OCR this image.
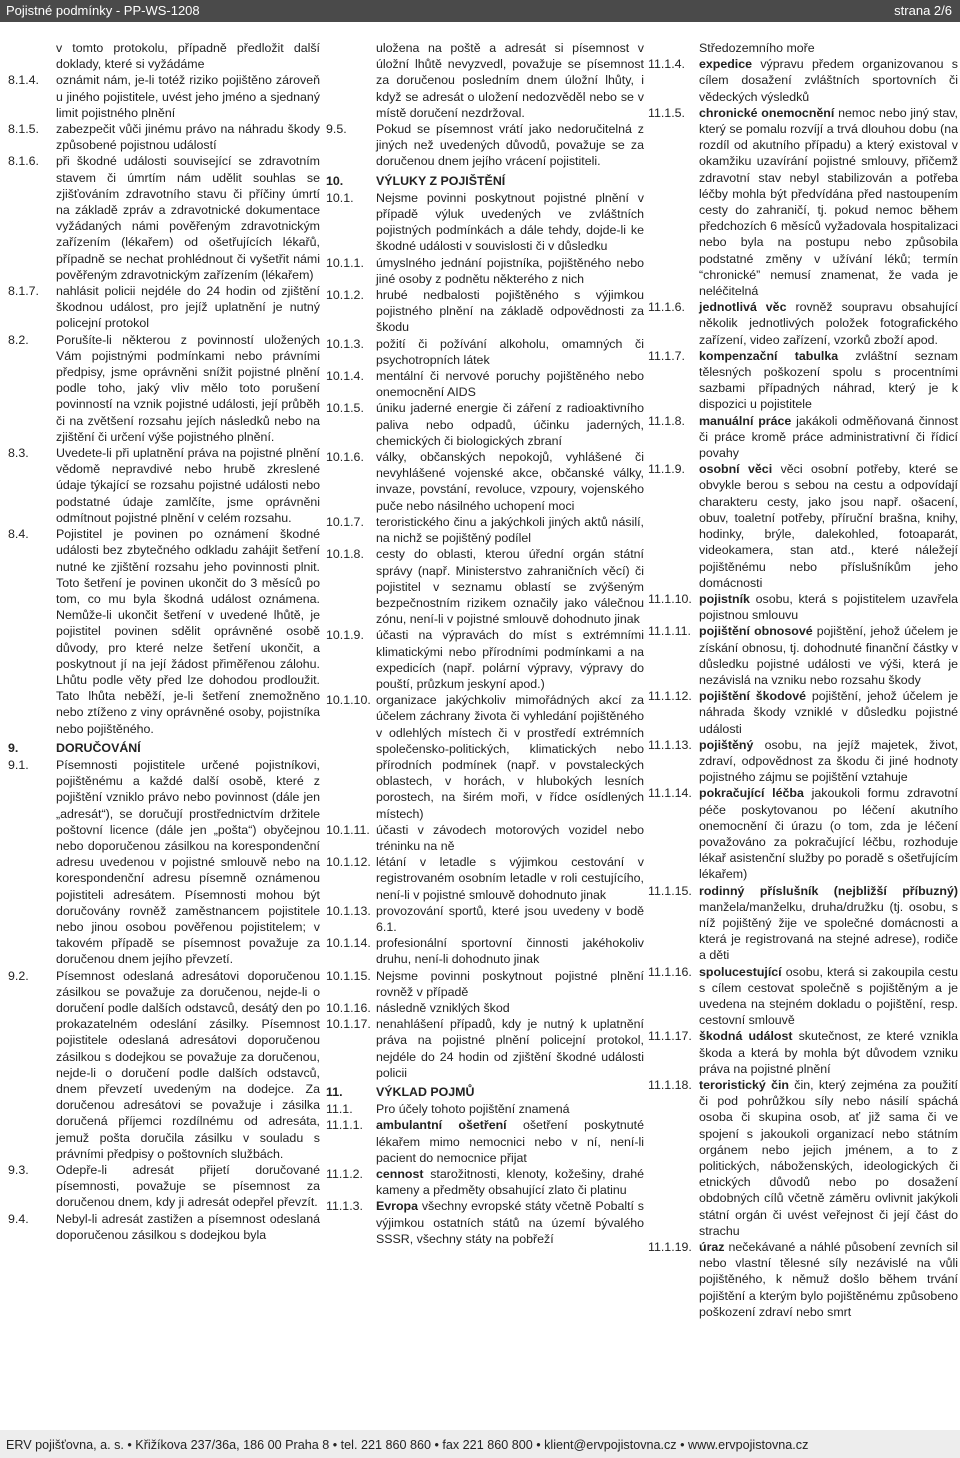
Pojistné podmínky - PP-WS-1208	strana 2/6
v tomto protokolu, případně předložit další doklady, které si vyžádáme
8.1.4.	oznámit nám, je-li totéž riziko pojištěno zároveň u jiného pojistitele, uvést jeho jméno a sjednaný limit pojistného plnění
8.1.5.	zabezpečit vůči jinému právo na náhradu škody způsobené pojistnou událostí
8.1.6.	při škodné události související se zdravotním stavem či úmrtím nám udělit souhlas se zjišťováním zdravotního stavu či příčiny úmrtí na základě zpráv a zdravotnické dokumentace vyžádaných námi pověřeným zdravotnickým zařízením (lékařem) od ošetřujících lékařů, případně se nechat prohlédnout či vyšetřit námi pověřeným zdravotnickým zařízením (lékařem)
8.1.7.	nahlásit policii nejdéle do 24 hodin od zjištění škodnou událost, pro jejíž uplatnění je nutný policejní protokol
8.2.	Porušíte-li některou z povinností uložených Vám pojistnými podmínkami nebo právními předpisy, jsme oprávněni snížit pojistné plnění podle toho, jaký vliv mělo toto porušení povinností na vznik pojistné události, její průběh či na zvětšení rozsahu jejích následků nebo na zjištění či určení výše pojistného plnění.
8.3.	Uvedete-li při uplatnění práva na pojistné plnění vědomě nepravdivé nebo hrubě zkreslené údaje týkající se rozsahu pojistné události nebo podstatné údaje zamlčíte, jsme oprávněni odmítnout pojistné plnění v celém rozsahu.
8.4.	Pojistitel je povinen po oznámení škodné události bez zbytečného odkladu zahájit šetření nutné ke zjištění rozsahu jeho povinnosti plnit. Toto šetření je povinen ukončit do 3 měsíců po tom, co mu byla škodná událost oznámena. Nemůže-li ukončit šetření v uvedené lhůtě, je pojistitel povinen sdělit oprávněné osobě důvody, pro které nelze šetření ukončit, a poskytnout jí na její žádost přiměřenou zálohu. Lhůtu podle věty před lze dohodou prodloužit. Tato lhůta neběží, je-li šetření znemožněno nebo ztíženo z viny oprávněné osoby, pojistníka nebo pojištěného.
9.	DORUČOVÁNÍ
9.1.	Písemnosti pojistitele určené pojistníkovi, pojištěnému a každé další osobě, které z pojištění vzniklo právo nebo povinnost (dále jen „adresát“), se doručují prostřednictvím držitele poštovní licence (dále jen „pošta“) obyčejnou nebo doporučenou zásilkou na korespondenční adresu uvedenou v pojistné smlouvě nebo na korespondenční adresu písemně oznámenou pojistiteli adresátem. Písemnosti mohou být doručovány rovněž zaměstnancem pojistitele nebo jinou osobou pověřenou pojistitelem; v takovém případě se písemnost považuje za doručenou dnem jejího převzetí.
9.2.	Písemnost odeslaná adresátovi doporučenou zásilkou se považuje za doručenou, nejde-li o doručení podle dalších odstavců, desátý den po prokazatelném odeslání zásilky. Písemnost pojistitele odeslaná adresátovi doporučenou zásilkou s dodejkou se považuje za doručenou, nejde-li o doručení podle dalších odstavců, dnem převzetí uvedeným na dodejce. Za doručenou adresátovi se považuje i zásilka doručená příjemci rozdílnému od adresáta, jemuž pošta doručila zásilku v souladu s právními předpisy o poštovních službách.
9.3.	Odepře-li adresát přijetí doručované písemnosti, považuje se písemnost za doručenou dnem, kdy ji adresát odepřel převzít.
9.4.	Nebyl-li adresát zastižen a písemnost odeslaná doporučenou zásilkou s dodejkou byla
uložena na poště a adresát si písemnost v úložní lhůtě nevyzvedl, považuje se písemnost za doručenou posledním dnem úložní lhůty, i když se adresát o uložení nedozvěděl nebo se v místě doručení nezdržoval.
9.5.	Pokud se písemnost vrátí jako nedoručitelná z jiných než uvedených důvodů, považuje se za doručenou dnem jejího vrácení pojistiteli.
10.	VÝLUKY Z POJIŠTĚNÍ
10.1.	Nejsme povinni poskytnout pojistné plnění v případě výluk uvedených ve zvláštních pojistných podmínkách a dále tehdy, dojde-li ke škodné události v souvislosti či v důsledku
10.1.1. úmyslného jednání pojistníka, pojištěného nebo jiné osoby z podnětu některého z nich
10.1.2. hrubé nedbalosti pojištěného s výjimkou pojistného plnění na základě odpovědnosti za škodu
10.1.3. požití či požívání alkoholu, omamných či psychotropních látek
10.1.4. mentální či nervové poruchy pojištěného nebo onemocnění AIDS
10.1.5. úniku jaderné energie či záření z radioaktivního paliva nebo odpadů, účinku jaderných, chemických či biologických zbraní
10.1.6. války, občanských nepokojů, vyhlášené či nevyhlášené vojenské akce, občanské války, invaze, povstání, revoluce, vzpoury, vojenského puče nebo násilného uchopení moci
10.1.7. teroristického činu a jakýchkoli jiných aktů násilí, na nichž se pojištěný podílel
10.1.8. cesty do oblasti, kterou úřední orgán státní správy (např. Ministerstvo zahraničních věcí) či pojistitel v seznamu oblastí se zvýšeným bezpečnostním rizikem označily jako válečnou zónu, není-li v pojistné smlouvě dohodnuto jinak
10.1.9. účasti na výpravách do míst s extrémními klimatickými nebo přírodními podmínkami a na expedicích (např. polární výpravy, výpravy do pouští, průzkum jeskyní apod.)
10.1.10. organizace jakýchkoliv mimořádných akcí za účelem záchrany života či vyhledání pojištěného v odlehlých místech či v prostředí extrémních společensko-politických, klimatických nebo přírodních podmínek (např. v povstaleckých oblastech, v horách, v hlubokých lesních porostech, na širém moři, v řídce osídlených místech)
10.1.11. účasti v závodech motorových vozidel nebo tréninku na ně
10.1.12. létání v letadle s výjimkou cestování v registrovaném osobním letadle v roli cestujícího, není-li v pojistné smlouvě dohodnuto jinak
10.1.13. provozování sportů, které jsou uvedeny v bodě 6.1.
10.1.14. profesionální sportovní činnosti jakéhokoliv druhu, není-li dohodnuto jinak
10.1.15. Nejsme povinni poskytnout pojistné plnění rovněž v případě
10.1.16. následně vzniklých škod
10.1.17. nenahlášení případů, kdy je nutný k uplatnění práva na pojistné plnění policejní protokol, nejdéle do 24 hodin od zjištění škodné události policii
11.	VÝKLAD POJMŮ
11.1.	Pro účely tohoto pojištění znamená
11.1.1.	ambulantní ošetření ošetření poskytnuté lékařem mimo nemocnici nebo v ní, není-li pacient do nemocnice přijat
11.1.2.	cennost starožitnosti, klenoty, kožešiny, drahé kameny a předměty obsahující zlato či platinu
11.1.3.	Evropa všechny evropské státy včetně Pobaltí s výjimkou ostatních států na území bývalého SSSR, všechny státy na pobřeží
Středozemního moře
11.1.4.	expedice výpravu předem organizovanou s cílem dosažení zvláštních sportovních či vědeckých výsledků
11.1.5.	chronické onemocnění nemoc nebo jiný stav, který se pomalu rozvíjí a trvá dlouhou dobu (na rozdíl od akutního případu) a který existoval v okamžiku uzavírání pojistné smlouvy, přičemž zdravotní stav nebyl stabilizován a potřeba léčby mohla být předvídána před nastoupením cesty do zahraničí, tj. pokud nemoc během předchozích 6 měsíců vyžadovala hospitalizaci nebo byla na postupu nebo způsobila podstatné změny v užívání léků; termín “chronické” nemusí znamenat, že vada je neléčitelná
11.1.6.	jednotlivá věc rovněž soupravu obsahující několik jednotlivých položek fotografického zařízení, video zařízení, vzorků zboží apod.
11.1.7.	kompenzační tabulka zvláštní seznam tělesných poškození spolu s procentními sazbami případných náhrad, který je k dispozici u pojistitele
11.1.8.	manuální práce jakákoli odměňovaná činnost či práce kromě práce administrativní či řídicí povahy
11.1.9.	osobní věci věci osobní potřeby, které se obvykle berou s sebou na cestu a odpovídají charakteru cesty, jako jsou např. ošacení, obuv, toaletní potřeby, příruční brašna, knihy, hodinky, brýle, dalekohled, fotoaparát, videokamera, stan atd., které náležejí pojištěnému nebo příslušníkům jeho domácnosti
11.1.10. pojistník osobu, která s pojistitelem uzavřela pojistnou smlouvu
11.1.11. pojištění obnosové pojištění, jehož účelem je získání obnosu, tj. dohodnuté finanční částky v důsledku pojistné události ve výši, která je nezávislá na vzniku nebo rozsahu škody
11.1.12. pojištění škodové pojištění, jehož účelem je náhrada škody vzniklé v důsledku pojistné události
11.1.13. pojištěný osobu, na jejíž majetek, život, zdraví, odpovědnost za škodu či jiné hodnoty pojistného zájmu se pojištění vztahuje
11.1.14. pokračující léčba jakoukoli formu zdravotní péče poskytovanou po léčení akutního onemocnění či úrazu (o tom, zda je léčení považováno za pokračující léčbu, rozhoduje lékař asistenční služby po poradě s ošetřujícím lékařem)
11.1.15. rodinný příslušník (nejbližší příbuzný) manžela/manželku, druha/družku (tj. osobu, s níž pojištěný žije ve společné domácnosti a která je registrovaná na stejné adrese), rodiče a děti
11.1.16. spolucestující osobu, která si zakoupila cestu s cílem cestovat společně s pojištěným a je uvedena na stejném dokladu o pojištění, resp. cestovní smlouvě
11.1.17. škodná událost skutečnost, ze které vznikla škoda a která by mohla být důvodem vzniku práva na pojistné plnění
11.1.18. teroristický čin čin, který zejména za použití či pod pohrůžkou síly nebo násilí spáchá osoba či skupina osob, ať již sama či ve spojení s jakoukoli organizací nebo státním orgánem nebo jejich jménem, a to z politických, náboženských, ideologických či etnických důvodů nebo po dosažení obdobných cílů včetně záměru ovlivnit jakýkoli státní orgán či uvést veřejnost či její část do strachu
11.1.19. úraz nečekávané a náhlé působení zevních sil nebo vlastní tělesné síly nezávislé na vůli pojištěného, k němuž došlo během trvání pojištění a kterým bylo pojištěnému způsobeno poškození zdraví nebo smrt
ERV pojišťovna, a. s. • Křižíkova 237/36a, 186 00 Praha 8 • tel. 221 860 860 • fax 221 860 800 • klient@ervpojistovna.cz • www.ervpojistovna.cz
